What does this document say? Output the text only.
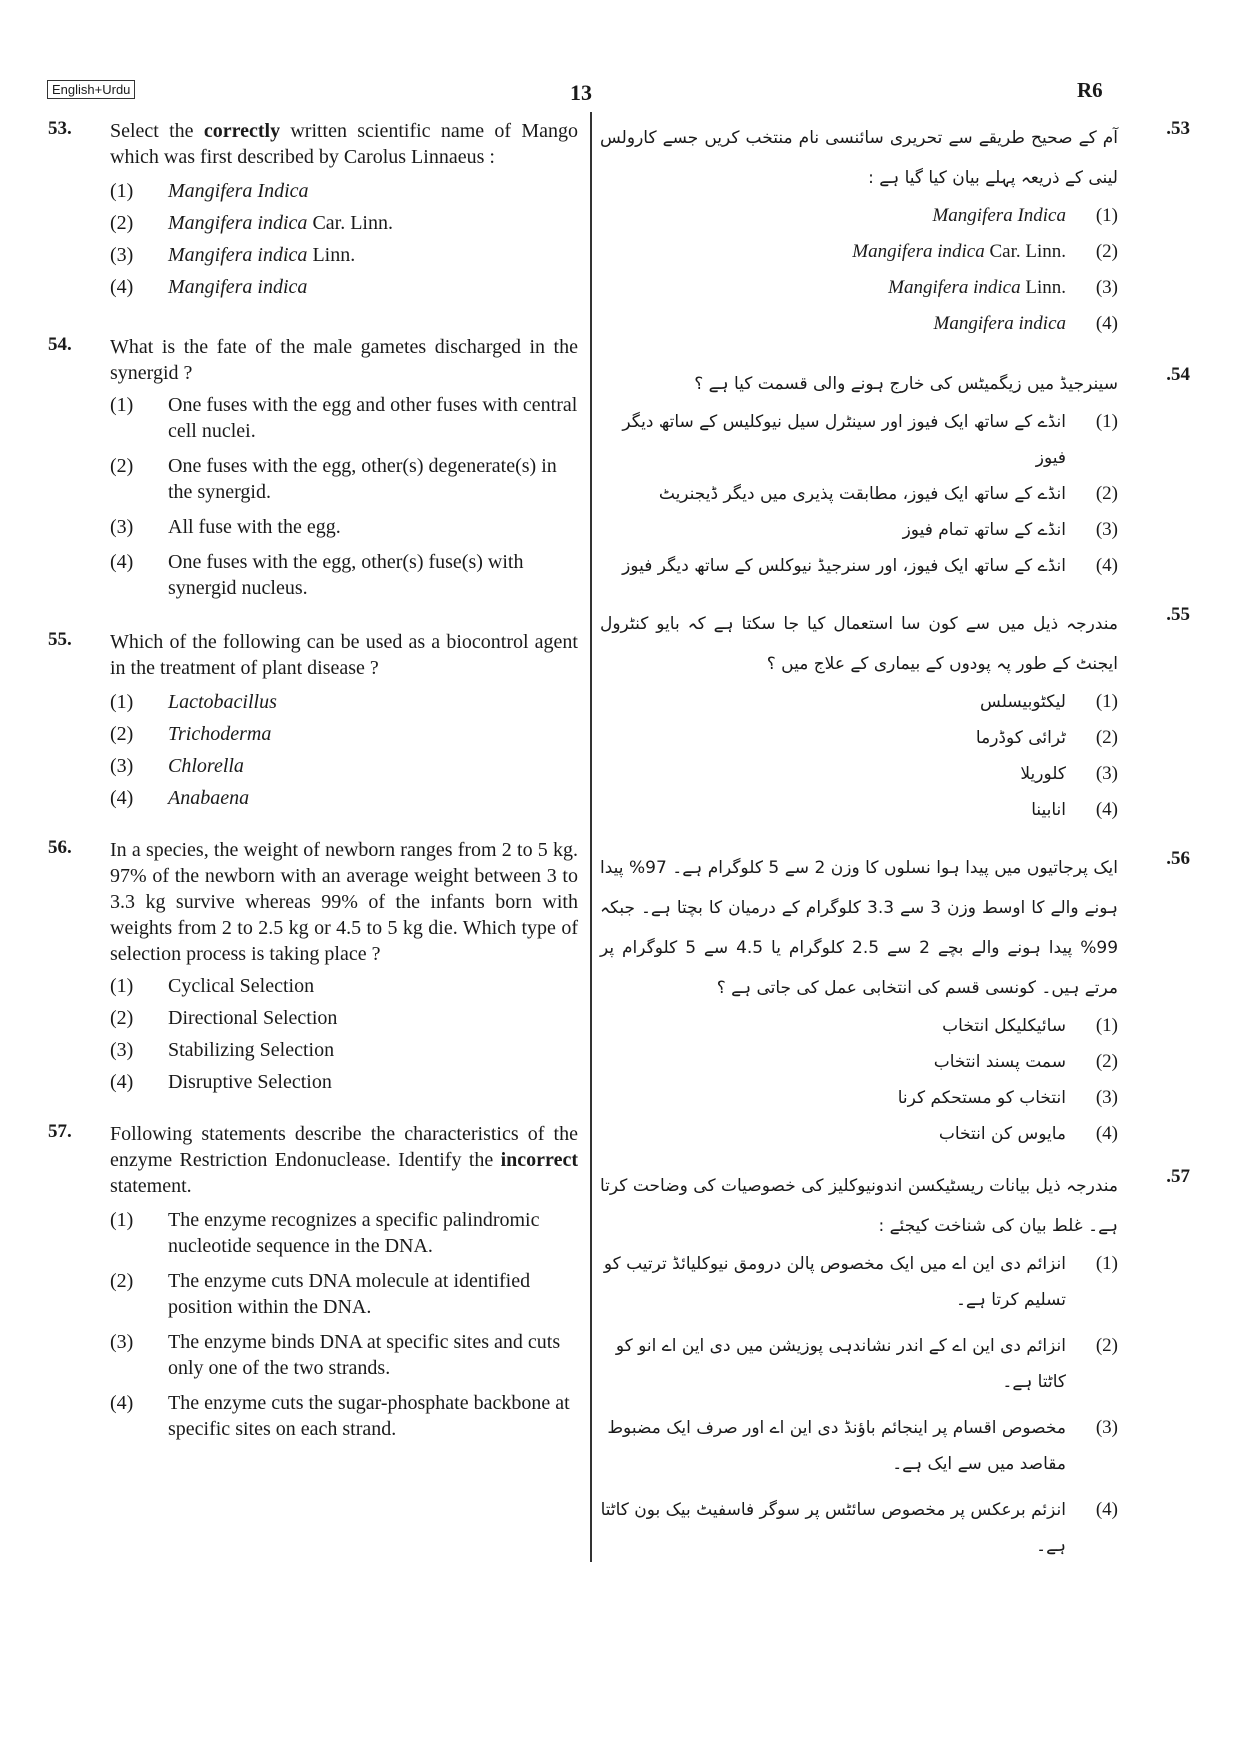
English+Urdu	13	R6
53. Select the correctly written scientific name of Mango which was first described by Carolus Linnaeus :
(1)	Mangifera Indica
(2)	Mangifera indica Car. Linn.
(3)	Mangifera indica Linn.
(4)	Mangifera indica
54. What is the fate of the male gametes discharged in the synergid ?
(1)	One fuses with the egg and other fuses with central cell nuclei.
(2)	One fuses with the egg, other(s) degenerate(s) in the synergid.
(3)	All fuse with the egg.
(4)	One fuses with the egg, other(s) fuse(s) with synergid nucleus.
55. Which of the following can be used as a biocontrol agent in the treatment of plant disease ?
(1)	Lactobacillus
(2)	Trichoderma
(3)	Chlorella
(4)	Anabaena
56. In a species, the weight of newborn ranges from 2 to 5 kg. 97% of the newborn with an average weight between 3 to 3.3 kg survive whereas 99% of the infants born with weights from 2 to 2.5 kg or 4.5 to 5 kg die. Which type of selection process is taking place ?
(1)	Cyclical Selection
(2)	Directional Selection
(3)	Stabilizing Selection
(4)	Disruptive Selection
57. Following statements describe the characteristics of the enzyme Restriction Endonuclease. Identify the incorrect statement.
(1)	The enzyme recognizes a specific palindromic nucleotide sequence in the DNA.
(2)	The enzyme cuts DNA molecule at identified position within the DNA.
(3)	The enzyme binds DNA at specific sites and cuts only one of the two strands.
(4)	The enzyme cuts the sugar-phosphate backbone at specific sites on each strand.
.53
آم کے صحیح طریقے سے تحریری سائنسی نام منتخب کریں جسے کارولس لینی کے ذریعہ پہلے بیان کیا گیا ہے :
(1)
Mangifera Indica
(2)
Mangifera indica Car. Linn.
(3)
Mangifera indica Linn.
(4)
Mangifera indica
.54
سینرجیڈ میں زیگمیٹس کی خارج ہونے والی قسمت کیا ہے ؟
(1)
انڈے کے ساتھ ایک فیوز اور سینٹرل سیل نیوکلیس کے ساتھ دیگر فیوز
(2)
انڈے کے ساتھ ایک فیوز، مطابقت پذیری میں دیگر ڈیجنریٹ
(3)
انڈے کے ساتھ تمام فیوز
(4)
انڈے کے ساتھ ایک فیوز، اور سنرجیڈ نیوکلس کے ساتھ دیگر فیوز
.55
مندرجہ ذیل میں سے کون سا استعمال کیا جا سکتا ہے کہ بایو کنٹرول ایجنٹ کے طور پہ پودوں کے بیماری کے علاج میں ؟
(1)
لیکٹوبیسلس
(2)
ٹرائی کوڈرما
(3)
کلوریلا
(4)
انابینا
.56
ایک پرجاتیوں میں پیدا ہوا نسلوں کا وزن 2 سے 5 کلوگرام ہے۔ 97% پیدا ہونے والے کا اوسط وزن 3 سے 3.3 کلوگرام کے درمیان کا بچتا ہے۔ جبکہ 99% پیدا ہونے والے بچے 2 سے 2.5 کلوگرام یا 4.5 سے 5 کلوگرام پر مرتے ہیں۔ کونسی قسم کی انتخابی عمل کی جاتی ہے ؟
(1)
سائیکلیکل انتخاب
(2)
سمت پسند انتخاب
(3)
انتخاب کو مستحکم کرنا
(4)
مایوس کن انتخاب
.57
مندرجہ ذیل بیانات ریسٹیکسن اندونیوکلیز کی خصوصیات کی وضاحت کرتا ہے۔ غلط بیان کی شناخت کیجئے :
(1)
انزائم دی این اے میں ایک مخصوص پالن درومق نیوکلیائڈ ترتیب کو تسلیم کرتا ہے۔
(2)
انزائم دی این اے کے اندر نشاندہی پوزیشن میں دی این اے انو کو کاٹتا ہے۔
(3)
مخصوص اقسام پر اینجائم باؤنڈ دی این اے اور صرف ایک مضبوط مقاصد میں سے ایک ہے۔
(4)
انزئم برعکس پر مخصوص سائٹس پر سوگر فاسفیٹ بیک بون کاٹتا ہے۔
